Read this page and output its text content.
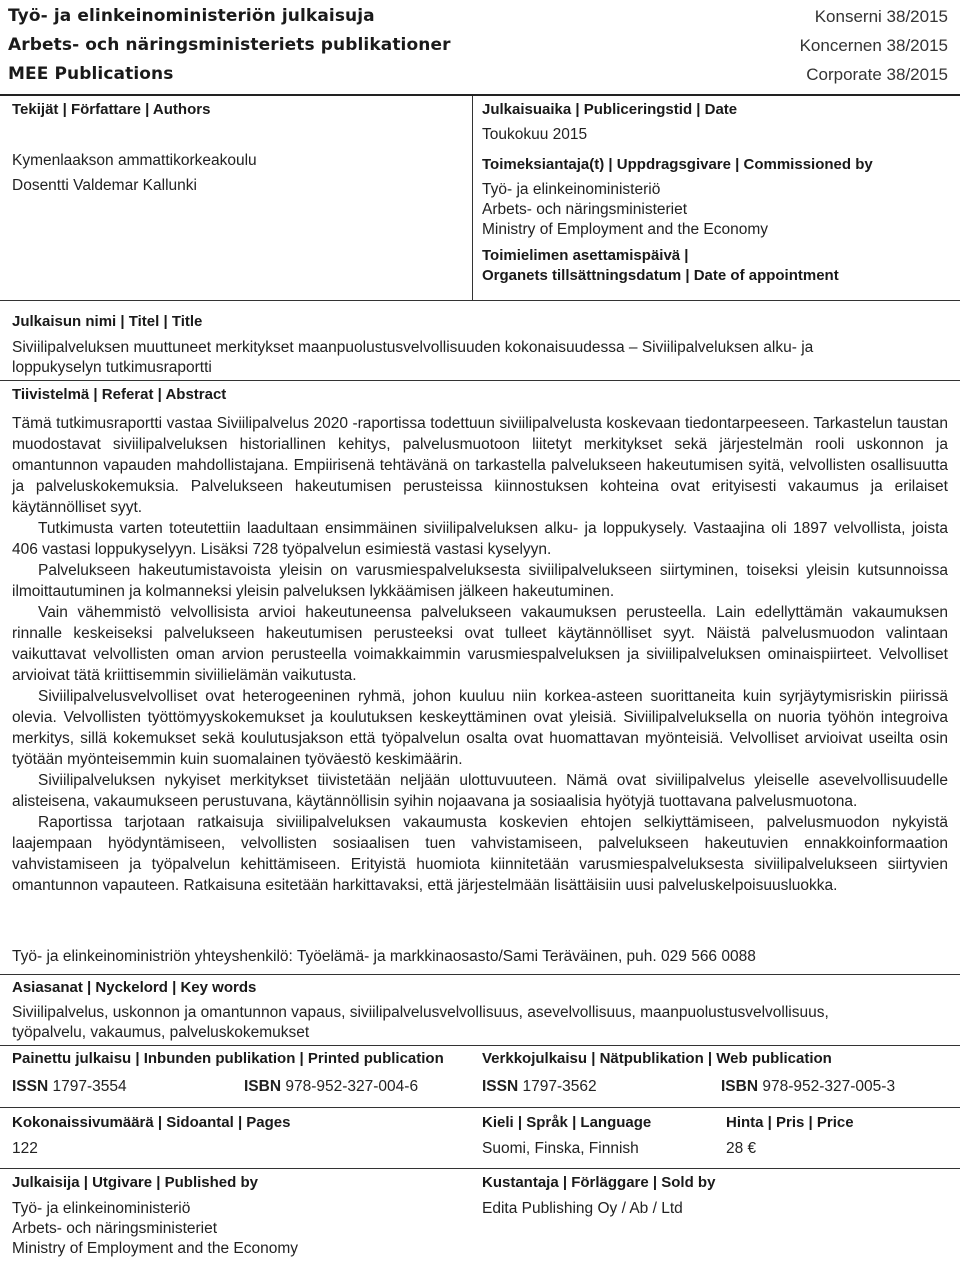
Työ- ja elinkeinoministeriön julkaisuja
Arbets- och näringsministeriets publikationer
MEE Publications
Konserni 38/2015
Koncernen 38/2015
Corporate 38/2015
Tekijät | Författare | Authors
Kymenlaakson ammattikorkeakoulu
Dosentti Valdemar Kallunki
Julkaisuaika | Publiceringstid | Date
Toukokuu 2015
Toimeksiantaja(t) | Uppdragsgivare | Commissioned by
Työ- ja elinkeinoministeriö
Arbets- och näringsministeriet
Ministry of Employment and the Economy
Toimielimen asettamispäivä |
Organets tillsättningsdatum | Date of appointment
Julkaisun nimi | Titel | Title
Siviilipalveluksen muuttuneet merkitykset maanpuolustusvelvollisuuden kokonaisuudessa – Siviilipalveluksen alku- ja
loppukyselyn tutkimusraportti
Tiivistelmä | Referat | Abstract

Tämä tutkimusraportti vastaa Siviilipalvelus 2020 -raportissa todettuun siviilipalvelusta koskevaan tiedontarpeeseen. Tarkastelun taustan muodostavat siviilipalveluksen historiallinen kehitys, palvelusmuotoon liitetyt merkitykset sekä järjestelmän rooli uskonnon ja omantunnon vapauden mahdollistajana. Empiirisenä tehtävänä on tarkastella palvelukseen hakeutumisen syitä, velvollisten osallisuutta ja palveluskokemuksia. Palvelukseen hakeutumisen perusteissa kiinnostuksen kohteina ovat erityisesti vakaumus ja erilaiset käytännölliset syyt.

Tutkimusta varten toteutettiin laadultaan ensimmäinen siviilipalveluksen alku- ja loppukysely. Vastaajina oli 1897 velvollista, joista 406 vastasi loppukyselyyn. Lisäksi 728 työpalvelun esimiestä vastasi kyselyyn.

Palvelukseen hakeutumistavoista yleisin on varusmiespalveluksesta siviilipalvelukseen siirtyminen, toiseksi yleisin kutsunnoissa ilmoittautuminen ja kolmanneksi yleisin palveluksen lykkäämisen jälkeen hakeutuminen.

Vain vähemmistö velvollisista arvioi hakeutuneensa palvelukseen vakaumuksen perusteella. Lain edellyttämän vakaumuksen rinnalle keskeiseksi palvelukseen hakeutumisen perusteeksi ovat tulleet käytännölliset syyt. Näistä palvelusmuodon valintaan vaikuttavat velvollisten oman arvion perusteella voimakkaimmin varusmiespalveluksen ja siviilipalveluksen ominaispiirteet. Velvolliset arvioivat tätä kriittisemmin siviilielämän vaikutusta.

Siviilipalvelusvelvolliset ovat heterogeeninen ryhmä, johon kuuluu niin korkea-asteen suorittaneita kuin syrjäytymisriskin piirissä olevia. Velvollisten työttömyyskokemukset ja koulutuksen keskeyttäminen ovat yleisiä. Siviilipalveluksella on nuoria työhön integroiva merkitys, sillä kokemukset sekä koulutusjakson että työpalvelun osalta ovat huomattavan myönteisiä. Velvolliset arvioivat useilta osin työtään myönteisemmin kuin suomalainen työväestö keskimäärin.

Siviilipalveluksen nykyiset merkitykset tiivistetään neljään ulottuvuuteen. Nämä ovat siviilipalvelus yleiselle asevelvollisuudelle alisteisena, vakaumukseen perustuvana, käytännöllisin syihin nojaavana ja sosiaalisia hyötyjä tuottavana palvelusmuotona.

Raportissa tarjotaan ratkaisuja siviilipalveluksen vakaumusta koskevien ehtojen selkiyttämiseen, palvelusmuodon nykyistä laajempaan hyödyntämiseen, velvollisten sosiaalisen tuen vahvistamiseen, palvelukseen hakeutuvien ennakkoinformaation vahvistamiseen ja työpalvelun kehittämiseen. Erityistä huomiota kiinnitetään varusmiespalveluksesta siviilipalvelukseen siirtyvien omantunnon vapauteen. Ratkaisuna esitetään harkittavaksi, että järjestelmään lisättäisiin uusi palveluskelpoisuusluokka.

Työ- ja elinkeinoministriön yhteyshenkilö: Työelämä- ja markkinaosasto/Sami Teräväinen, puh. 029 566 0088
Asiasanat | Nyckelord | Key words
Siviilipalvelus, uskonnon ja omantunnon vapaus, siviilipalvelusvelvollisuus, asevelvollisuus, maanpuolustusvelvollisuus,
työpalvelu, vakaumus, palveluskokemukset
Painettu julkaisu | Inbunden publikation | Printed publication
ISSN 1797-3554	ISBN 978-952-327-004-6
Verkkojulkaisu | Nätpublikation | Web publication
ISSN 1797-3562	ISBN 978-952-327-005-3
Kokonaissivumäärä | Sidoantal | Pages
122
Kieli | Språk | Language
Suomi, Finska, Finnish
Hinta | Pris | Price
28 €
Julkaisija | Utgivare | Published by
Työ- ja elinkeinoministeriö
Arbets- och näringsministeriet
Ministry of Employment and the Economy
Kustantaja | Förläggare | Sold by
Edita Publishing Oy / Ab / Ltd
